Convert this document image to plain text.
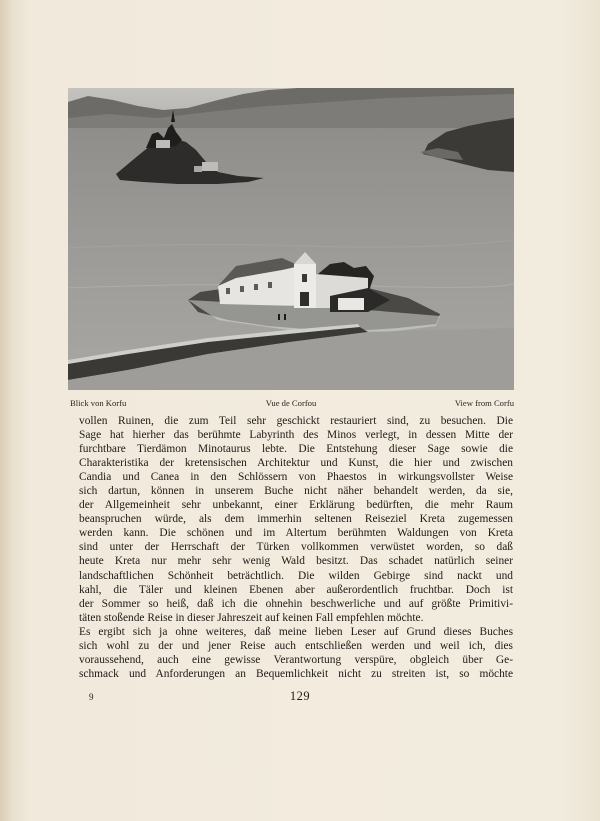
Blick von Korfu	Vue de Corfou	View from Corfu

vollen Ruinen, die zum Teil sehr geschickt restauriert sind, zu besuchen. Die
Sage hat hierher das berühmte Labyrinth des Minos verlegt, in dessen Mitte der
furchtbare Tierdämon Minotaurus lebte. Die Entstehung dieser Sage sowie die
Charakteristika der kretensischen Architektur und Kunst, die hier und zwischen
Candia und Canea in den Schlössern von Phaestos in wirkungsvollster Weise
sich dartun, können in unserem Buche nicht näher behandelt werden, da sie,
der Allgemeinheit sehr unbekannt, einer Erklärung bedürften, die mehr Raum
beanspruchen würde, als dem immerhin seltenen Reiseziel Kreta zugemessen
werden kann. Die schönen und im Altertum berühmten Waldungen von Kreta
sind unter der Herrschaft der Türken vollkommen verwüstet worden, so daß
heute Kreta nur mehr sehr wenig Wald besitzt. Das schadet natürlich seiner
landschaftlichen Schönheit beträchtlich. Die wilden Gebirge sind nackt und
kahl, die Täler und kleinen Ebenen aber außerordentlich fruchtbar. Doch ist
der Sommer so heiß, daß ich die ohnehin beschwerliche und auf größte Primitivi-
täten stoßende Reise in dieser Jahreszeit auf keinen Fall empfehlen möchte.

Es ergibt sich ja ohne weiteres, daß meine lieben Leser auf Grund dieses Buches
sich wohl zu der und jener Reise auch entschließen werden und weil ich, dies
voraussehend, auch eine gewisse Verantwortung verspüre, obgleich über Ge-
schmack und Anforderungen an Bequemlichkeit nicht zu streiten ist, so möchte

9	129
